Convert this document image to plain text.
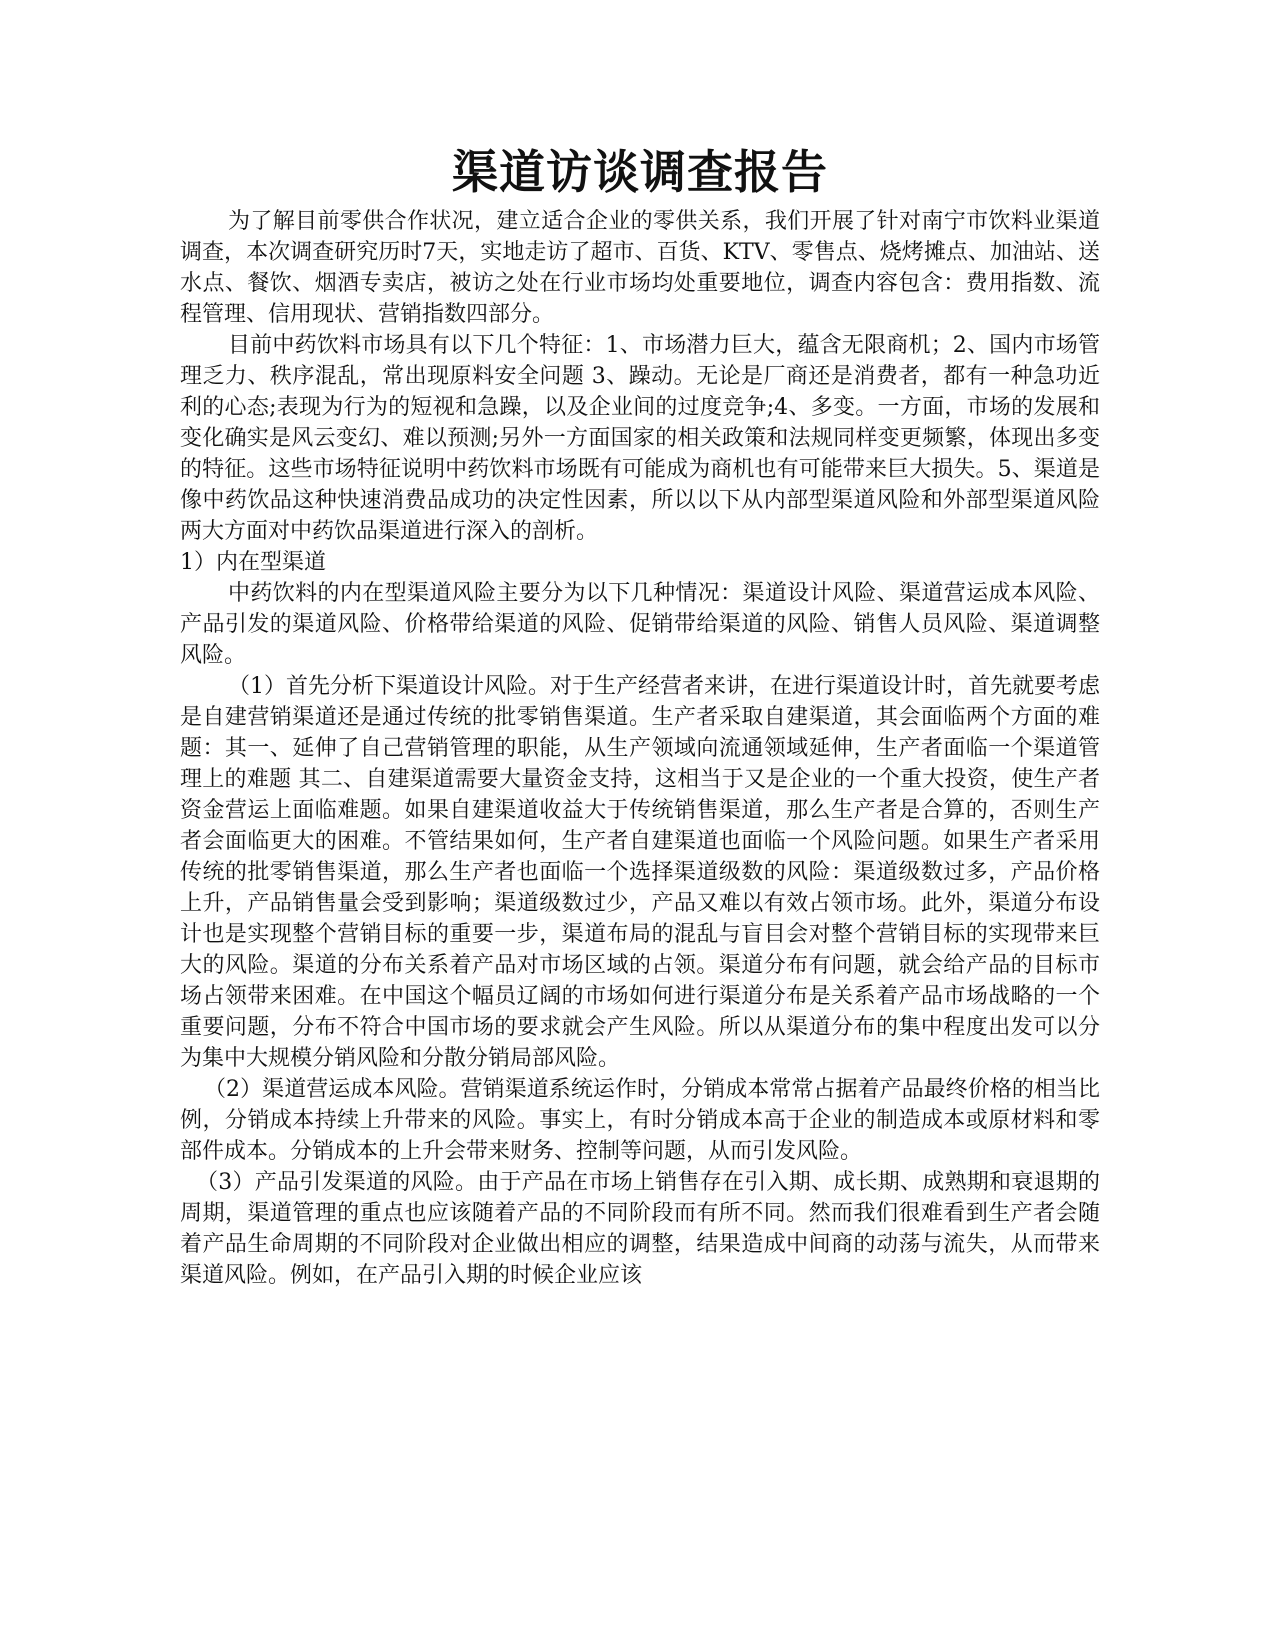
渠道访谈调查报告

为了解目前零供合作状况，建立适合企业的零供关系，我们开展了针对南宁市饮料业渠道调查，本次调查研究历时7天，实地走访了超市、百货、KTV、零售点、烧烤摊点、加油站、送水点、餐饮、烟酒专卖店，被访之处在行业市场均处重要地位，调查内容包含：费用指数、流程管理、信用现状、营销指数四部分。

目前中药饮料市场具有以下几个特征：1、市场潜力巨大，蕴含无限商机；2、国内市场管理乏力、秩序混乱，常出现原料安全问题 3、躁动。无论是厂商还是消费者，都有一种急功近利的心态;表现为行为的短视和急躁，以及企业间的过度竞争;4、多变。一方面，市场的发展和变化确实是风云变幻、难以预测;另外一方面国家的相关政策和法规同样变更频繁，体现出多变的特征。这些市场特征说明中药饮料市场既有可能成为商机也有可能带来巨大损失。5、渠道是像中药饮品这种快速消费品成功的决定性因素，所以以下从内部型渠道风险和外部型渠道风险两大方面对中药饮品渠道进行深入的剖析。

1）内在型渠道

中药饮料的内在型渠道风险主要分为以下几种情况：渠道设计风险、渠道营运成本风险、产品引发的渠道风险、价格带给渠道的风险、促销带给渠道的风险、销售人员风险、渠道调整风险。

（1）首先分析下渠道设计风险。对于生产经营者来讲，在进行渠道设计时，首先就要考虑是自建营销渠道还是通过传统的批零销售渠道。生产者采取自建渠道，其会面临两个方面的难题：其一、延伸了自己营销管理的职能，从生产领域向流通领域延伸，生产者面临一个渠道管理上的难题 其二、自建渠道需要大量资金支持，这相当于又是企业的一个重大投资，使生产者资金营运上面临难题。如果自建渠道收益大于传统销售渠道，那么生产者是合算的，否则生产者会面临更大的困难。不管结果如何，生产者自建渠道也面临一个风险问题。如果生产者采用传统的批零销售渠道，那么生产者也面临一个选择渠道级数的风险：渠道级数过多，产品价格上升，产品销售量会受到影响；渠道级数过少，产品又难以有效占领市场。此外，渠道分布设计也是实现整个营销目标的重要一步，渠道布局的混乱与盲目会对整个营销目标的实现带来巨大的风险。渠道的分布关系着产品对市场区域的占领。渠道分布有问题，就会给产品的目标市场占领带来困难。在中国这个幅员辽阔的市场如何进行渠道分布是关系着产品市场战略的一个重要问题，分布不符合中国市场的要求就会产生风险。所以从渠道分布的集中程度出发可以分为集中大规模分销风险和分散分销局部风险。

（2）渠道营运成本风险。营销渠道系统运作时，分销成本常常占据着产品最终价格的相当比例，分销成本持续上升带来的风险。事实上，有时分销成本高于企业的制造成本或原材料和零部件成本。分销成本的上升会带来财务、控制等问题，从而引发风险。

（3）产品引发渠道的风险。由于产品在市场上销售存在引入期、成长期、成熟期和衰退期的周期，渠道管理的重点也应该随着产品的不同阶段而有所不同。然而我们很难看到生产者会随着产品生命周期的不同阶段对企业做出相应的调整，结果造成中间商的动荡与流失，从而带来渠道风险。例如，在产品引入期的时候企业应该
